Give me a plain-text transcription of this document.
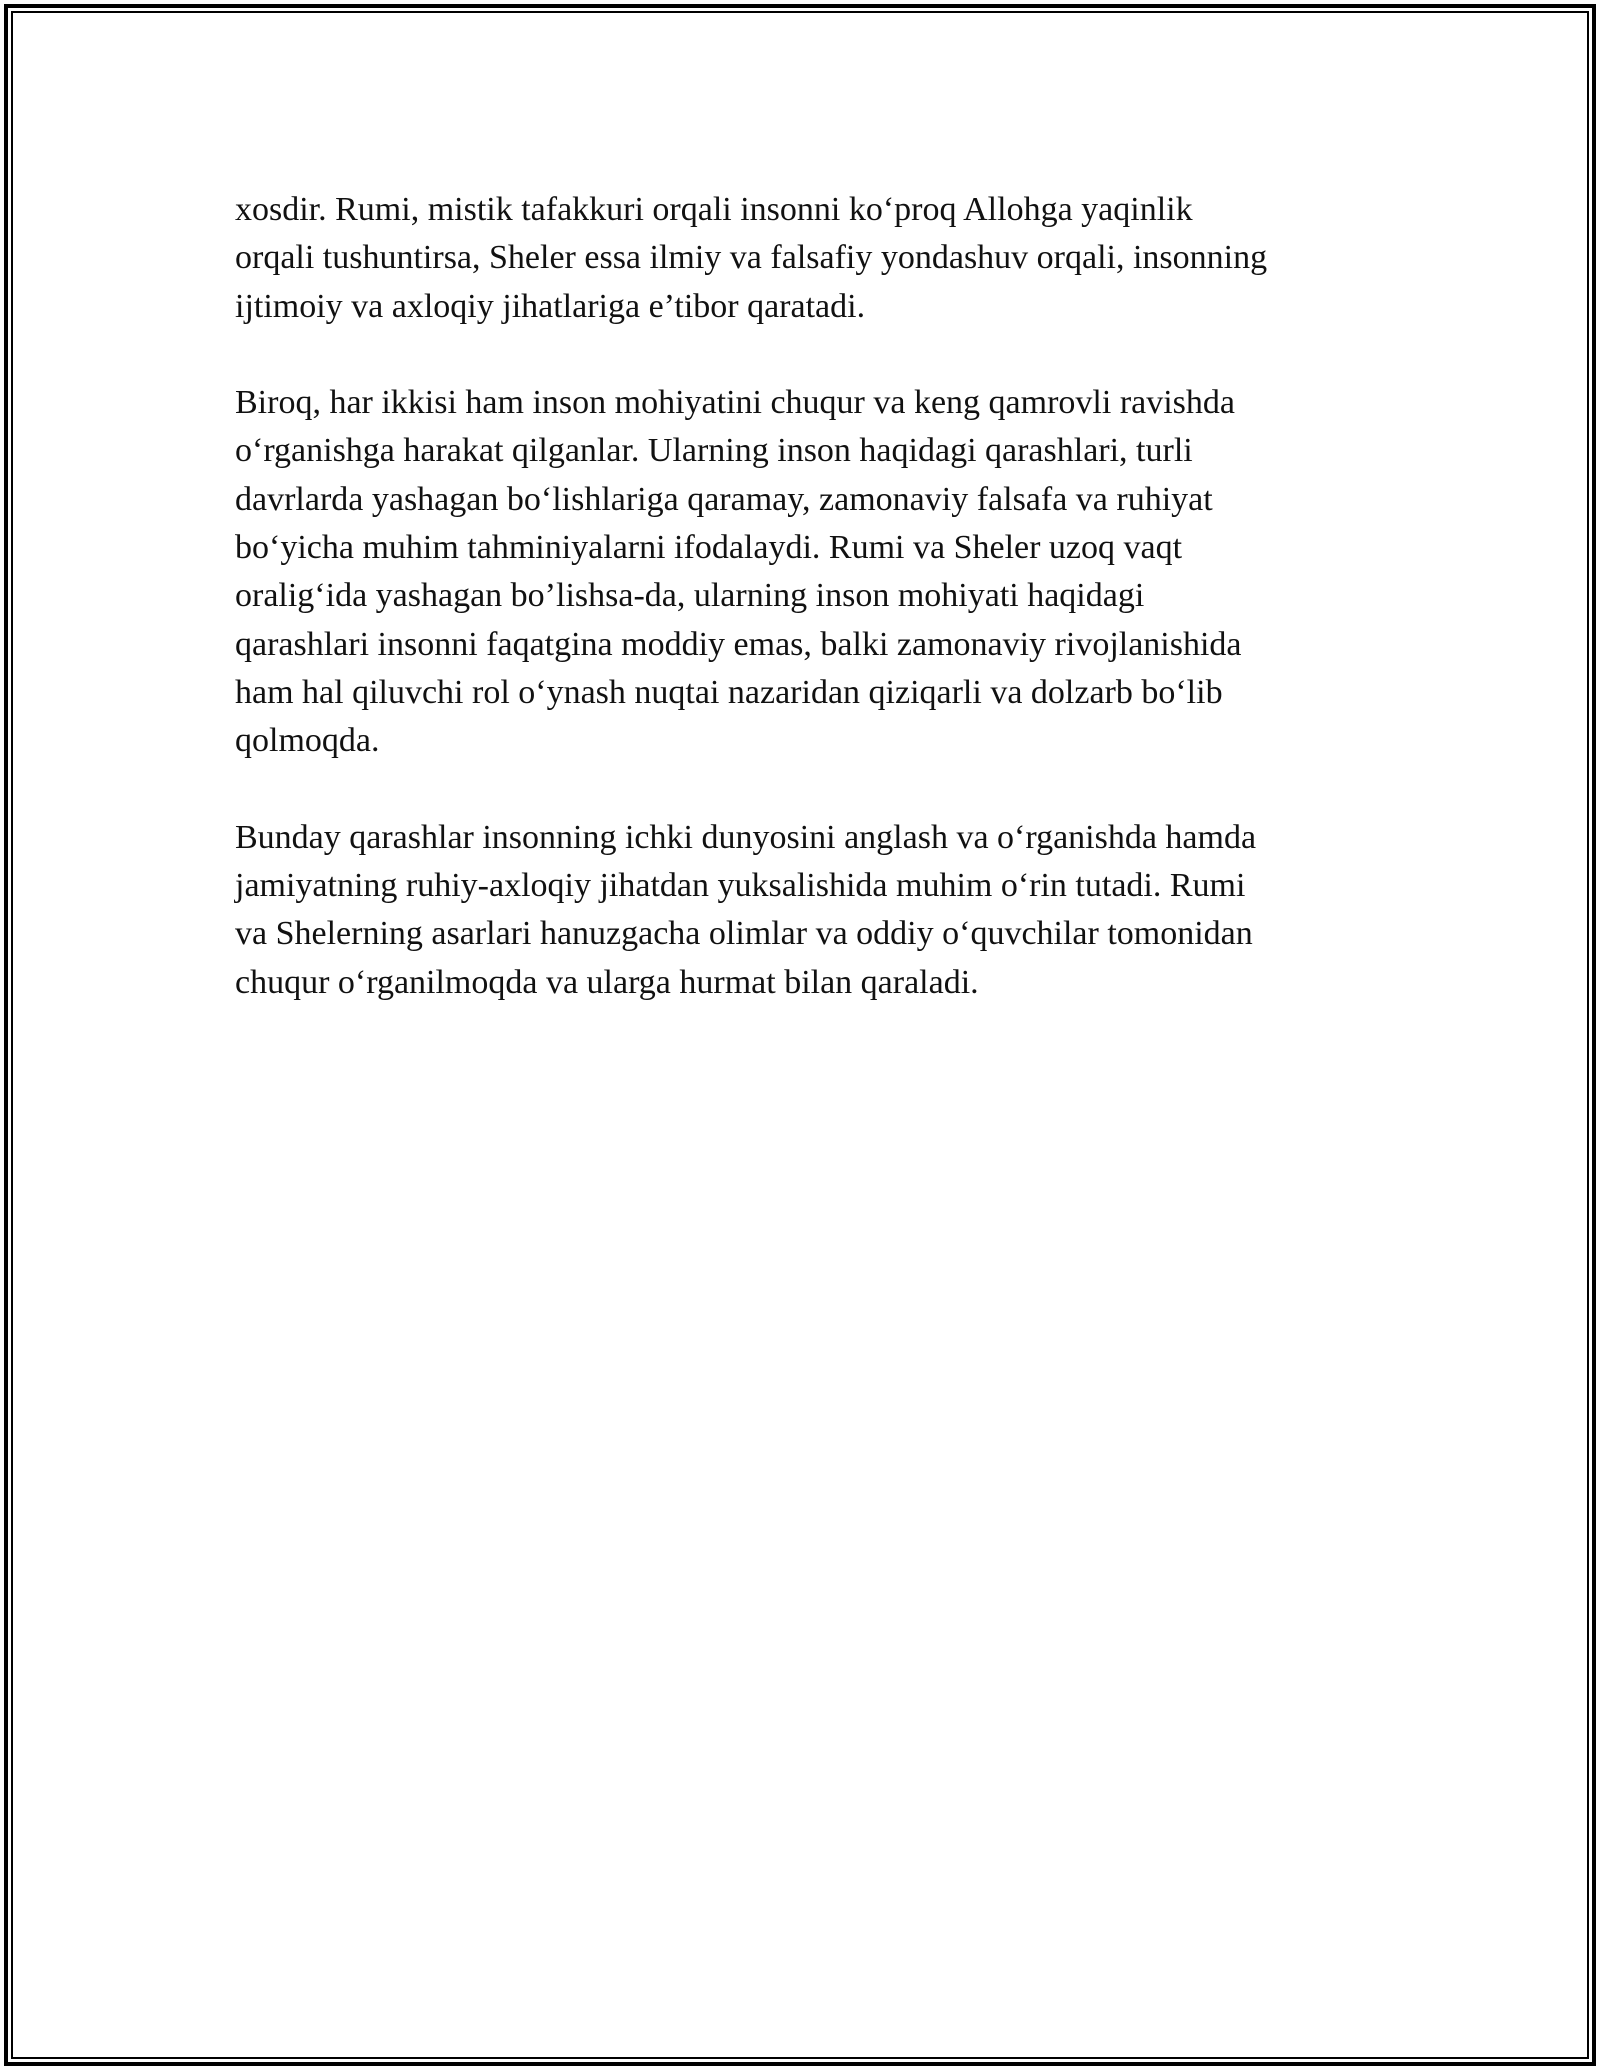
xosdir. Rumi, mistik tafakkuri orqali insonni ko‘proq Allohga yaqinlik
orqali tushuntirsa, Sheler essa ilmiy va falsafiy yondashuv orqali, insonning
ijtimoiy va axloqiy jihatlariga e’tibor qaratadi.

Biroq, har ikkisi ham inson mohiyatini chuqur va keng qamrovli ravishda
o‘rganishga harakat qilganlar. Ularning inson haqidagi qarashlari, turli
davrlarda yashagan bo‘lishlariga qaramay, zamonaviy falsafa va ruhiyat
bo‘yicha muhim tahminiyalarni ifodalaydi. Rumi va Sheler uzoq vaqt
oralig‘ida yashagan bo’lishsa-da, ularning inson mohiyati haqidagi
qarashlari insonni faqatgina moddiy emas, balki zamonaviy rivojlanishida
ham hal qiluvchi rol o‘ynash nuqtai nazaridan qiziqarli va dolzarb bo‘lib
qolmoqda.

Bunday qarashlar insonning ichki dunyosini anglash va o‘rganishda hamda
jamiyatning ruhiy-axloqiy jihatdan yuksalishida muhim o‘rin tutadi. Rumi
va Shelerning asarlari hanuzgacha olimlar va oddiy o‘quvchilar tomonidan
chuqur o‘rganilmoqda va ularga hurmat bilan qaraladi.
